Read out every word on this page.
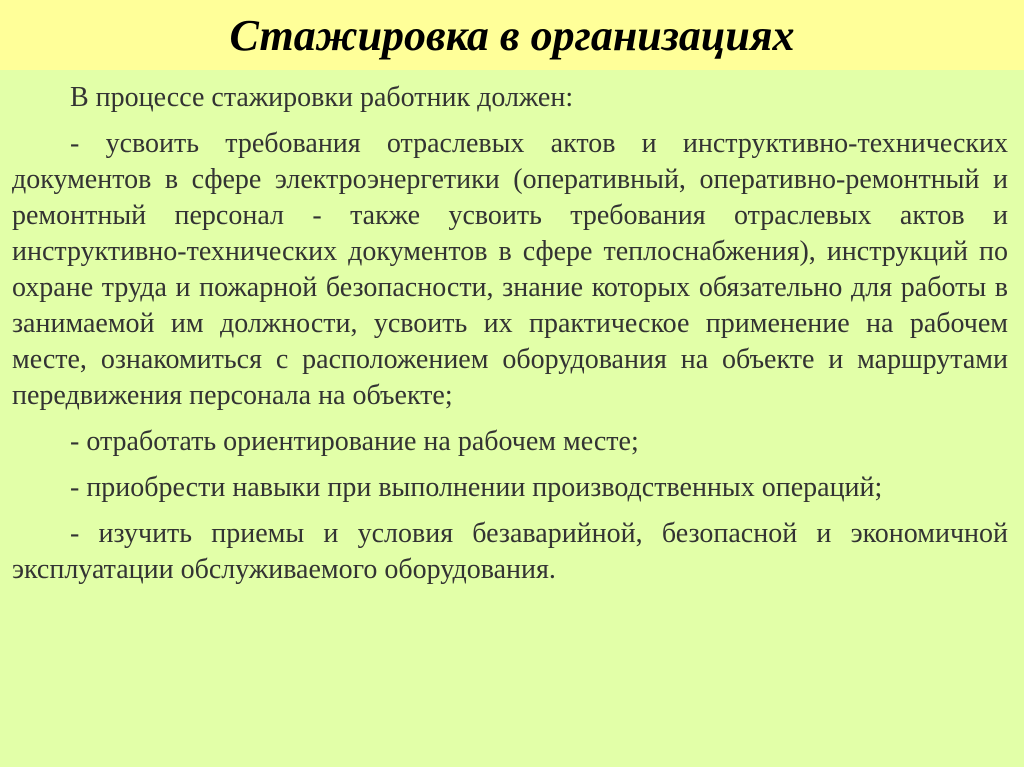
Стажировка в организациях

В процессе стажировки работник должен:

- усвоить требования отраслевых актов и инструктивно-технических документов в сфере электроэнергетики (оперативный, оперативно-ремонтный и ремонтный персонал - также усвоить требования отраслевых актов и инструктивно-технических документов в сфере теплоснабжения), инструкций по охране труда и пожарной безопасности, знание которых обязательно для работы в занимаемой им должности, усвоить их практическое применение на рабочем месте, ознакомиться с расположением оборудования на объекте и маршрутами передвижения персонала на объекте;

- отработать ориентирование на рабочем месте;

- приобрести навыки при выполнении производственных операций;

- изучить приемы и условия безаварийной, безопасной и экономичной эксплуатации обслуживаемого оборудования.
